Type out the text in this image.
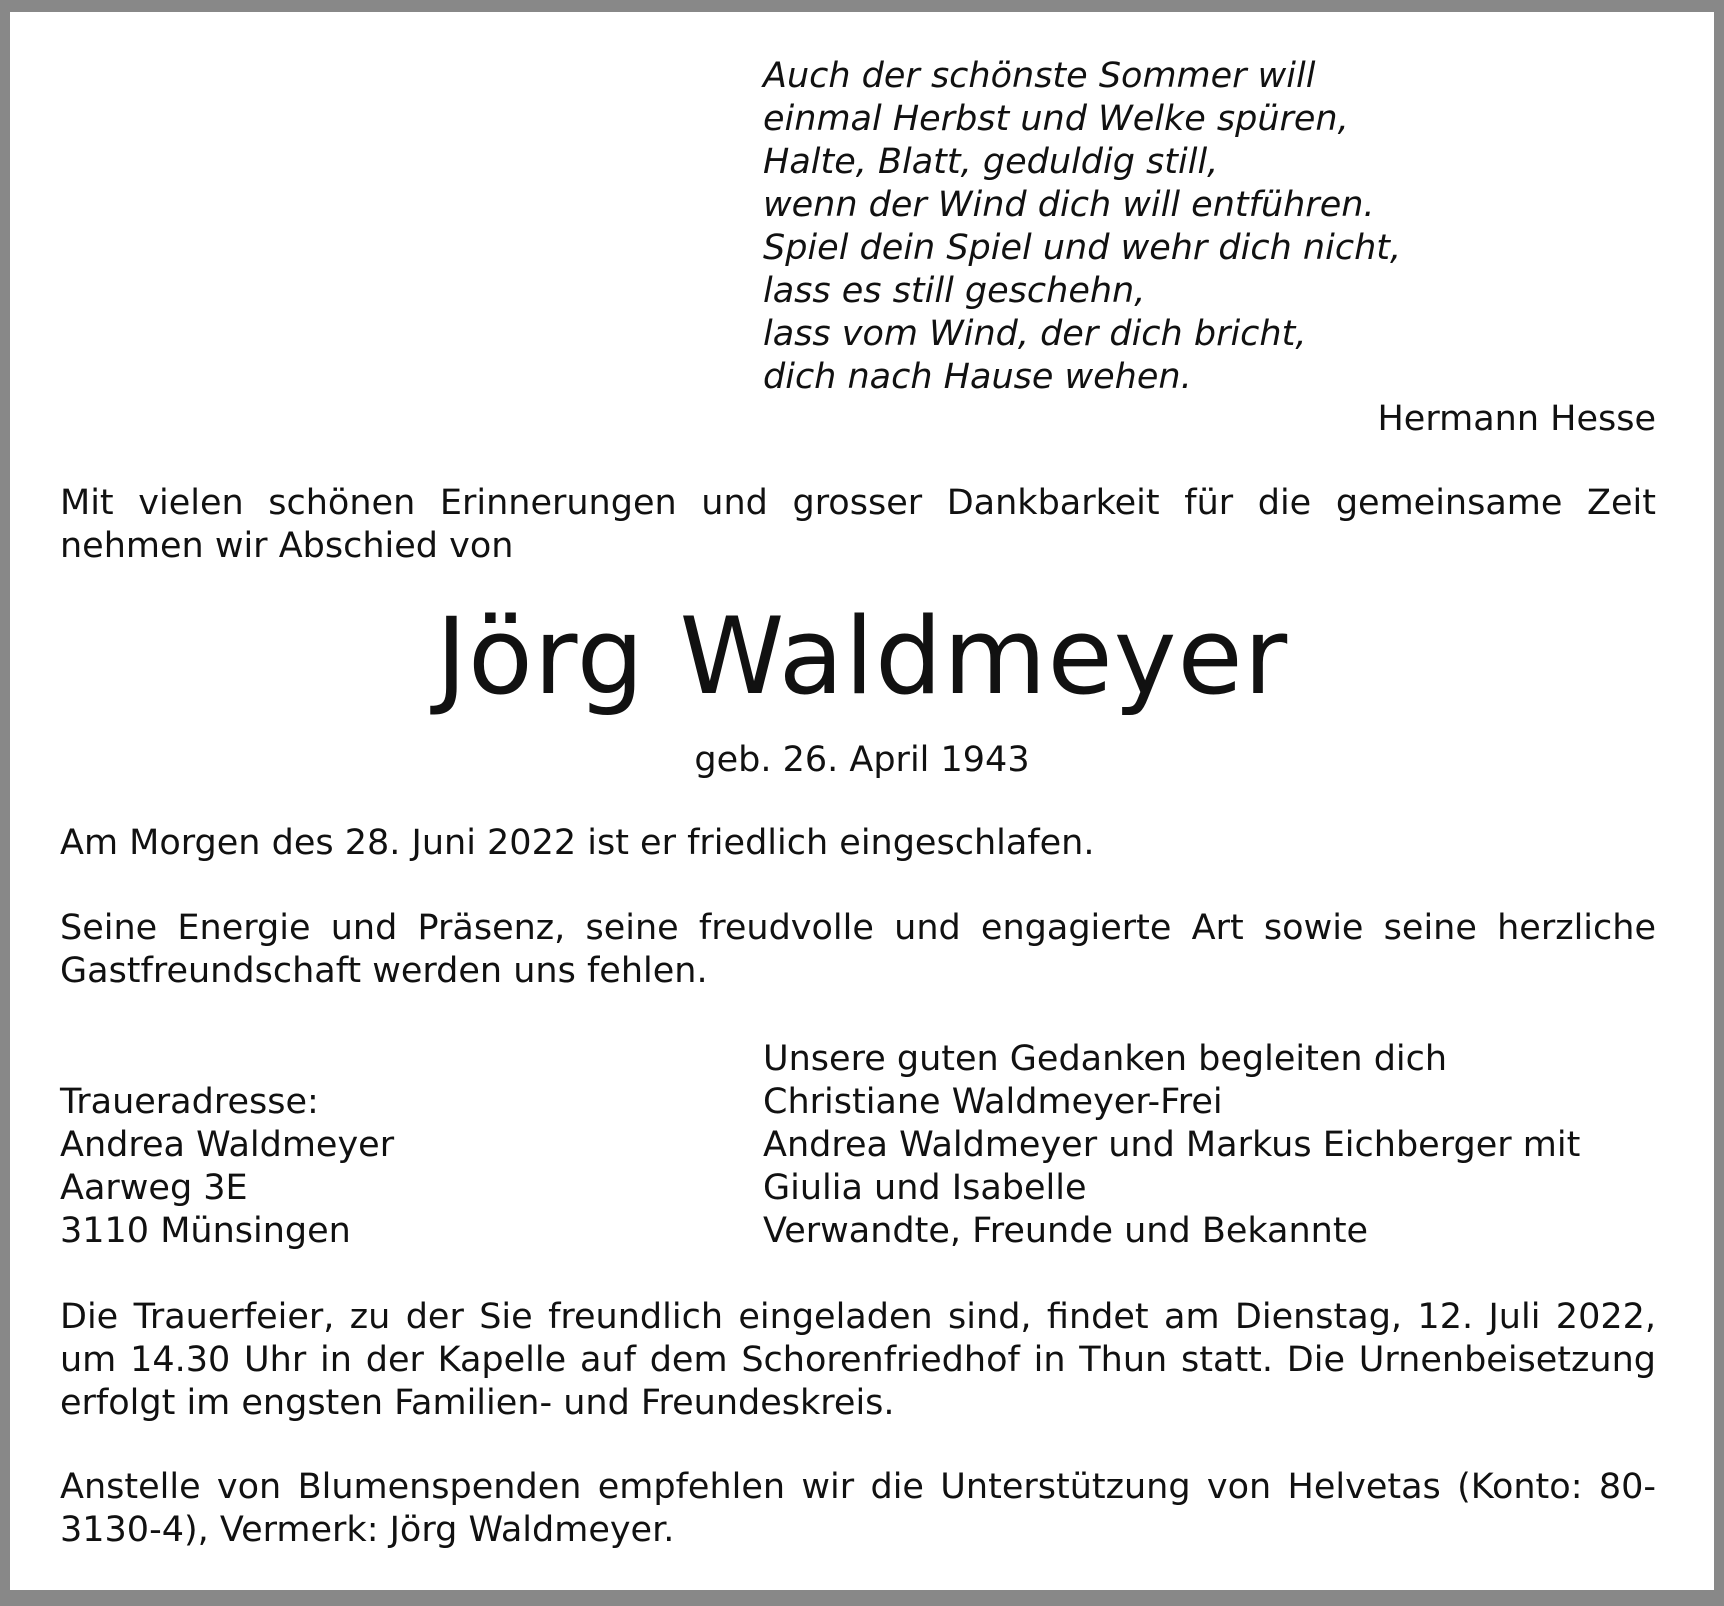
Auch der schönste Sommer will
einmal Herbst und Welke spüren,
Halte, Blatt, geduldig still,
wenn der Wind dich will entführen.
Spiel dein Spiel und wehr dich nicht,
lass es still geschehn,
lass vom Wind, der dich bricht,
dich nach Hause wehen.
Hermann Hesse
Mit vielen schönen Erinnerungen und grosser Dankbarkeit für die gemeinsame Zeit nehmen wir Abschied von
Jörg Waldmeyer
geb. 26. April 1943
Am Morgen des 28. Juni 2022 ist er friedlich eingeschlafen.
Seine Energie und Präsenz, seine freudvolle und engagierte Art sowie seine herzliche Gastfreundschaft werden uns fehlen.
Traueradresse:
Andrea Waldmeyer
Aarweg 3E
3110 Münsingen
Unsere guten Gedanken begleiten dich
Christiane Waldmeyer-Frei
Andrea Waldmeyer und Markus Eichberger mit
Giulia und Isabelle
Verwandte, Freunde und Bekannte
Die Trauerfeier, zu der Sie freundlich eingeladen sind, findet am Dienstag, 12. Juli 2022, um 14.30 Uhr in der Kapelle auf dem Schorenfriedhof in Thun statt. Die Urnenbeisetzung erfolgt im engsten Familien- und Freundeskreis.
Anstelle von Blumenspenden empfehlen wir die Unterstützung von Helvetas (Konto: 80-3130-4), Vermerk: Jörg Waldmeyer.
